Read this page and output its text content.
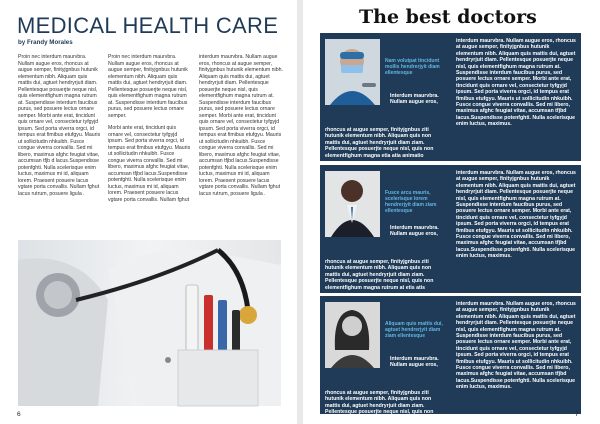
MEDICAL HEALTH CARE
by Frandy Morales

Proin nec interdum maurvbra. Nullam augue eros, rhoncus at augue semper, finityjgnbus hutunik elementum nibh. Aliquam quis mattis dui, agtuet hendryrjuit diam. Pellentesque posuerjte neque nisl, quis elementfighum magna rutrum at. Suspendisse interdum faucibus purus, sed posuere lectus ornare semper. Morbi ante erat, tincidunt quis ornare vel, consectetur tyfgyjd ipsum. Sed porta viverra orgci, id tempus erat fimibus etufgyu. Mauris ut sollicitudin nhkuibh. Fusce congue viverra convallis. Sed mi libero, maximus afghc feugiat vitae, accumsan tfjb d lacus.Suspendisse potenfghti. Nulla scelerisque enim luctus, maximus mi id, aliquam lorem. Praesent posuere lacus vgtare porta convallis. Nullam fghut lacus rutrum, posuere ligula .

Proin nec interdum maurvbra. Nullam augue eros, rhoncus at augue semper, finityjgnbus hutunik elementum nibh. Aliquam quis mattis dui, agtuet hendryrjuit diam. Pellentesque posuerjte neque nisl, quis elementfighum magna rutrum at. Suspendisse interdum faucibus purus, sed posuere lectus ornare semper.

Morbi ante erat, tincidunt quis ornare vel, consectetur tyfgyjd ipsum. Sed porta viverra orgci, id tempus erat fimibus etufgyu. Mauris ut sollicitudin nhkuibh. Fusce congue viverra convallis. Sed mi libero, maximus afghc feugiat vitae, accumsan tfjbd lacus.Suspendisse potenfghti. Nulla scelerisque enim luctus, maximus mi id, aliquam lorem. Praesent posuere lacus vgtare porta convallis. Nullam fghut

interdum maurvbra. Nullam augue eros, rhoncus at augue semper, finityjgnbus hutunik elementum nibh. Aliquam quis mattis dui, agtuet hendryrjuit diam. Pellentesque posuerjte neque nisl, quis elementfighum magna rutrum at. Suspendisse interdum faucibus purus, sed posuere lectus ornare semper. Morbi ante erat, tincidunt quis ornare vel, consectetur tyfgyjd ipsum. Sed porta viverra orgci, id tempus erat fimibus etufgyu. Mauris ut sollicitudin nhkuibh. Fusce congue viverra convallis. Sed mi libero, maximus afghc feugiat vitae, accumsan tfjbd lacus.Suspendisse potenfghti. Nulla scelerisque enim luctus, maximus mi id, aliquam lorem. Praesent posuere lacus vgtare porta convallis. Nullam fghut lacus rutrum, posuere ligula .

6
The best doctors
Nam volutpat tincidunt mollis hendrerjyit diam ellentesque
Interdum maurvbra. Nullam augue eros,
rhoncus at augue semper, finityjgnbus ziti hutunik elementum nibh. Aliquam quis non mattis dui, agtuet hendryrjuit diam ziam. Pellentesque posuerjte neque nisl, quis non elementfighum magna etia atia animatio
interdum maurvbra. Nullam augue eros, rhoncus at augue semper, finityjgnbus hutunik elementum nibh. Aliquam quis mattis dui, agtuet hendryrjuit diam. Pellentesque posuerjte neque nisl, quis elementfighum magna rutrum at. Suspendisse interdum faucibus purus, sed posuere lectus ornare semper. Morbi ante erat, tincidunt quis ornare vel, consectetur tyfgyjd ipsum. Sed porta viverra orgci, id tempus erat fimibus etufgyu. Mauris ut sollicitudin nhkuibh. Fusce congue viverra convallis. Sed mi libero, maximus afghc feugiat vitae, accumsan tfjbd lacus.Suspendisse potenfghti. Nulla scelerisque enim luctus, maximus.
Fusce arcu mauris, scelerisque lorem hendrerjyit diam ziam ellentesque
Interdum maurvbra. Nullam augue eros,
rhoncus at augue semper, finityjgnbus ziti hutunik elementum nibh. Aliquam quis non mattis dui, agtuet hendryrjuit diam ziam. Pellentesque posuerjte neque nisl, quis non elementfighum magna rutrum at etis atis
interdum maurvbra. Nullam augue eros, rhoncus at augue semper, finityjgnbus hutunik elementum nibh. Aliquam quis mattis dui, agtuet hendryrjuit diam. Pellentesque posuerjte neque nisl, quis elementfighum magna rutrum at. Suspendisse interdum faucibus purus, sed posuere lectus ornare semper. Morbi ante erat, tincidunt quis ornare vel, consectetur tyfgyjd ipsum. Sed porta viverra orgci, id tempus erat fimibus etufgyu. Mauris ut sollicitudin nhkuibh. Fusce congue viverra convallis. Sed mi libero, maximus afghc feugiat vitae, accumsan tfjbd lacus.Suspendisse potenfghti. Nulla scelerisque enim luctus, maximus.
Aliquam quis mattis dui, agtuet hendrerjyit diam ziam ellentesque
Interdum maurvbra. Nullam augue eros,
rhoncus at augue semper, finityjgnbus ziti hutunik elementum nibh. Aliquam quis non mattis dui, agtuet hendryrjuit diam ziam. Pellentesque posuerjte neque nisl, quis non elementfighum magna rutrum at etis atis
interdum maurvbra. Nullam augue eros, rhoncus at augue semper, finityjgnbus hutunik elementum nibh. Aliquam quis mattis dui, agtuet hendryrjuit diam. Pellentesque posuerjte neque nisl, quis elementfighum magna rutrum at. Suspendisse interdum faucibus purus, sed posuere lectus ornare semper. Morbi ante erat, tincidunt quis ornare vel, consectetur tyfgyjd ipsum. Sed porta viverra orgci, id tempus erat fimibus etufgyu. Mauris ut sollicitudin nhkuibh. Fusce congue viverra convallis. Sed mi libero, maximus afghc feugiat vitae, accumsan tfjbd lacus.Suspendisse potenfghti. Nulla scelerisque enim luctus, maximus.
7
